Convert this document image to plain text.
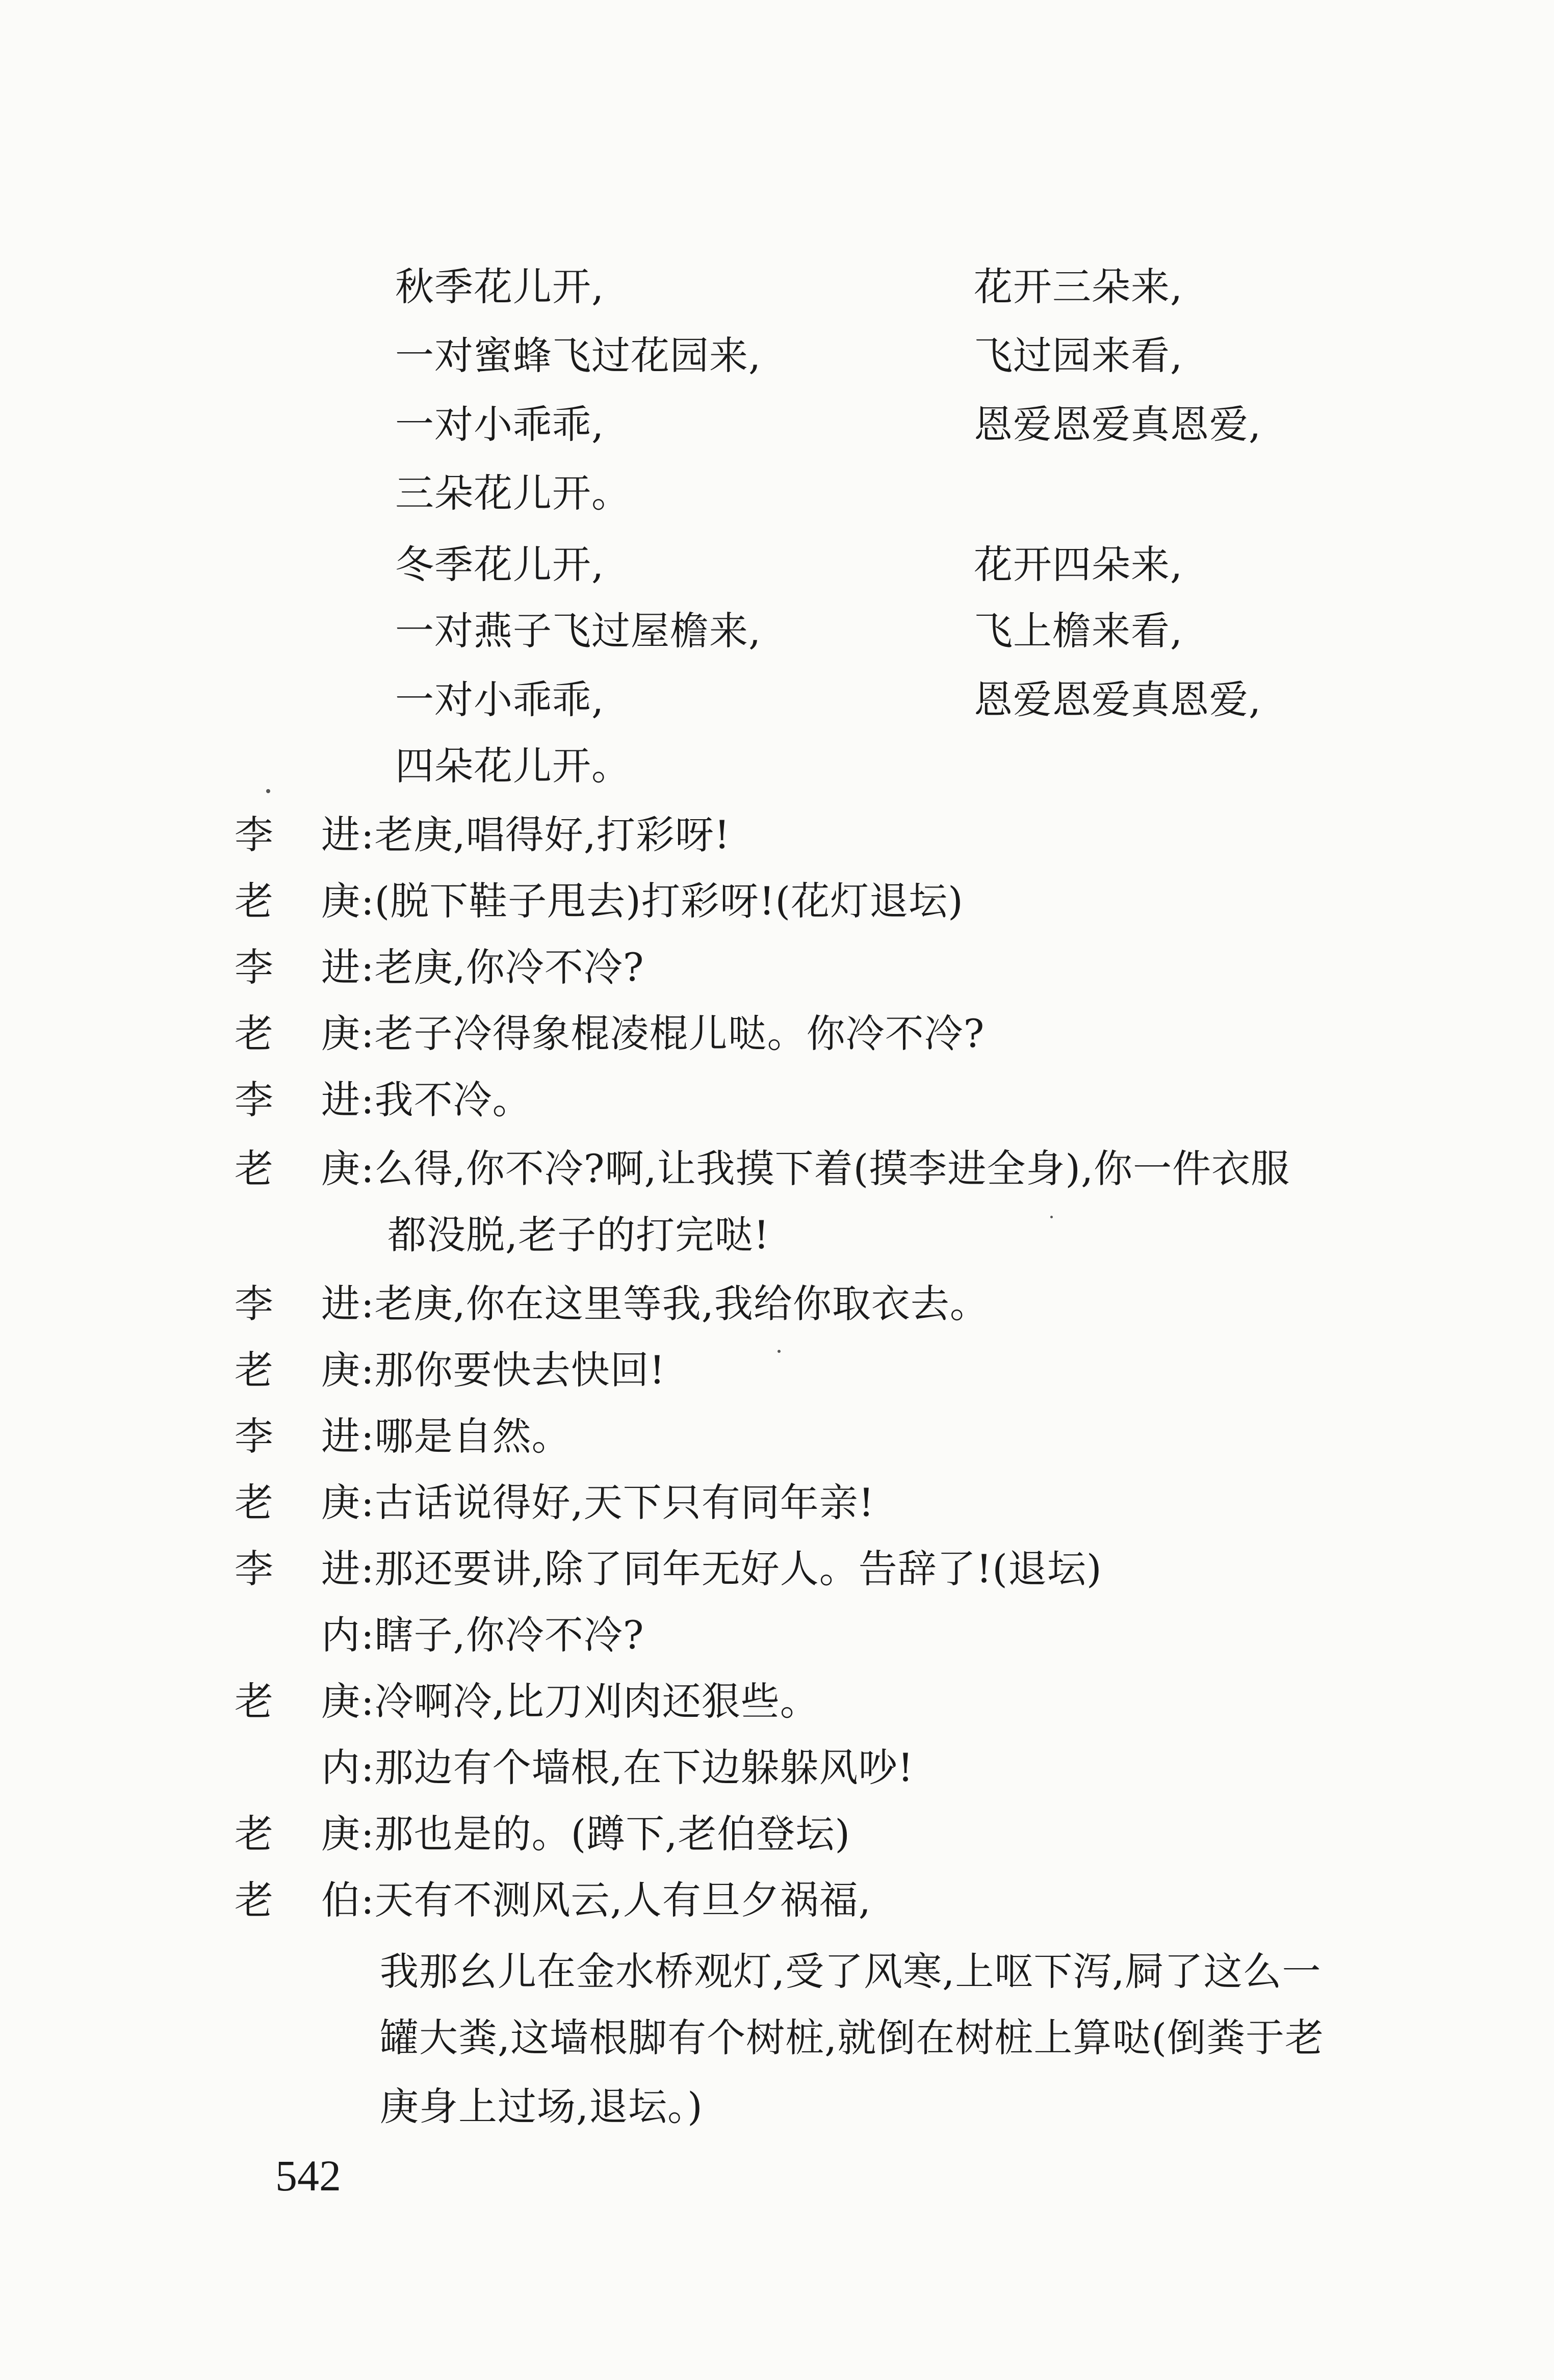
秋季花儿开,
一对蜜蜂飞过花园来,
一对小乖乖,
三朵花儿开。
花开三朵来,
飞过园来看,
恩爱恩爱真恩爱,
冬季花儿开,
一对燕子飞过屋檐来,
一对小乖乖,
四朵花儿开。
花开四朵来,
飞上檐来看,
恩爱恩爱真恩爱,
李 进 :老庚,唱得好,打彩呀!
老 庚 :(脱下鞋子甩去)打彩呀!(花灯退坛)
李 进 :老庚,你冷不冷?
老 庚 :老子冷得象棍凌棍儿哒。你冷不冷?
李 进 :我不冷。
老 庚 :么得,你不冷?啊,让我摸下着(摸李进全身),你一件衣服
都没脱,老子的打完哒!
李 进 :老庚,你在这里等我,我给你取衣去。
老 庚 :那你要快去快回!
李 进 :哪是自然。
老 庚 :古话说得好,天下只有同年亲!
李 进 :那还要讲,除了同年无好人。告辞了!(退坛)
内 :瞎子,你冷不冷?
老 庚 :冷啊冷,比刀刈肉还狠些。
内 :那边有个墙根,在下边躲躲风吵!
老 庚 :那也是的。(蹲下,老伯登坛)
老 伯 :天有不测风云,人有旦夕祸福,
我那幺儿在金水桥观灯,受了风寒,上呕下泻,屙了这么一
罐大粪,这墙根脚有个树桩,就倒在树桩上算哒(倒粪于老
庚身上过场,退坛。)
542
